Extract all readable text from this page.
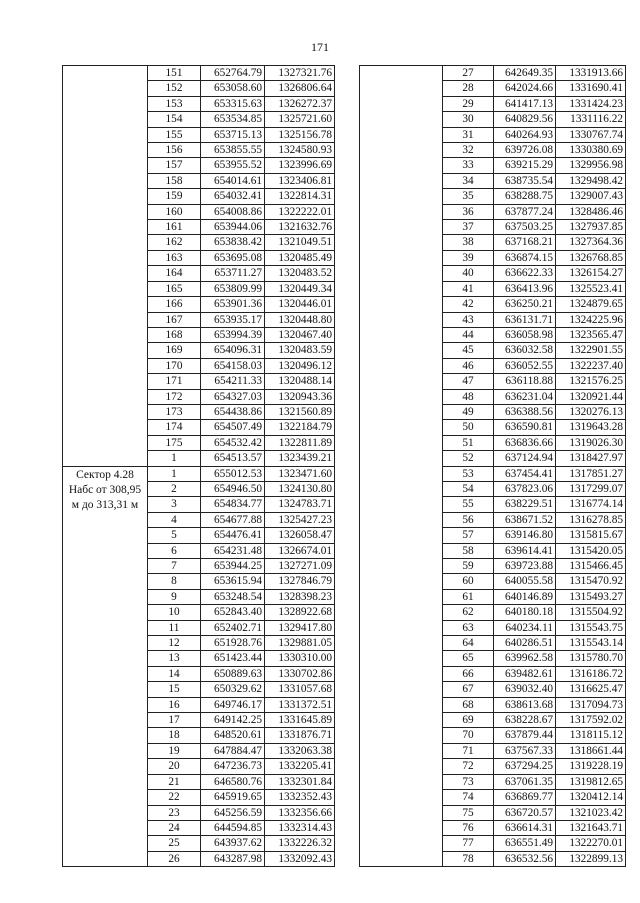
171
	151	652764.79	1327321.76
	152	653058.60	1326806.64
	153	653315.63	1326272.37
	154	653534.85	1325721.60
	155	653715.13	1325156.78
	156	653855.55	1324580.93
	157	653955.52	1323996.69
	158	654014.61	1323406.81
	159	654032.41	1322814.31
	160	654008.86	1322222.01
	161	653944.06	1321632.76
	162	653838.42	1321049.51
	163	653695.08	1320485.49
	164	653711.27	1320483.52
	165	653809.99	1320449.34
	166	653901.36	1320446.01
	167	653935.17	1320448.80
	168	653994.39	1320467.40
	169	654096.31	1320483.59
	170	654158.03	1320496.12
	171	654211.33	1320488.14
	172	654327.03	1320943.36
	173	654438.86	1321560.89
	174	654507.49	1322184.79
	175	654532.42	1322811.89
	1	654513.57	1323439.21
Сектор 4.28 Набс от 308,95 м до 313,31 м	1	655012.53	1323471.60
	2	654946.50	1324130.80
	3	654834.77	1324783.71
	4	654677.88	1325427.23
	5	654476.41	1326058.47
	6	654231.48	1326674.01
	7	653944.25	1327271.09
	8	653615.94	1327846.79
	9	653248.54	1328398.23
	10	652843.40	1328922.68
	11	652402.71	1329417.80
	12	651928.76	1329881.05
	13	651423.44	1330310.00
	14	650889.63	1330702.86
	15	650329.62	1331057.68
	16	649746.17	1331372.51
	17	649142.25	1331645.89
	18	648520.61	1331876.71
	19	647884.47	1332063.38
	20	647236.73	1332205.41
	21	646580.76	1332301.84
	22	645919.65	1332352.43
	23	645256.59	1332356.66
	24	644594.85	1332314.43
	25	643937.62	1332226.32
	26	643287.98	1332092.43
	27	642649.35	1331913.66
	28	642024.66	1331690.41
	29	641417.13	1331424.23
	30	640829.56	1331116.22
	31	640264.93	1330767.74
	32	639726.08	1330380.69
	33	639215.29	1329956.98
	34	638735.54	1329498.42
	35	638288.75	1329007.43
	36	637877.24	1328486.46
	37	637503.25	1327937.85
	38	637168.21	1327364.36
	39	636874.15	1326768.85
	40	636622.33	1326154.27
	41	636413.96	1325523.41
	42	636250.21	1324879.65
	43	636131.71	1324225.96
	44	636058.98	1323565.47
	45	636032.58	1322901.55
	46	636052.55	1322237.40
	47	636118.88	1321576.25
	48	636231.04	1320921.44
	49	636388.56	1320276.13
	50	636590.81	1319643.28
	51	636836.66	1319026.30
	52	637124.94	1318427.97
	53	637454.41	1317851.27
	54	637823.06	1317299.07
	55	638229.51	1316774.14
	56	638671.52	1316278.85
	57	639146.80	1315815.67
	58	639614.41	1315420.05
	59	639723.88	1315466.45
	60	640055.58	1315470.92
	61	640146.89	1315493.27
	62	640180.18	1315504.92
	63	640234.11	1315543.75
	64	640286.51	1315543.14
	65	639962.58	1315780.70
	66	639482.61	1316186.72
	67	639032.40	1316625.47
	68	638613.68	1317094.73
	69	638228.67	1317592.02
	70	637879.44	1318115.12
	71	637567.33	1318661.44
	72	637294.25	1319228.19
	73	637061.35	1319812.65
	74	636869.77	1320412.14
	75	636720.57	1321023.42
	76	636614.31	1321643.71
	77	636551.49	1322270.01
	78	636532.56	1322899.13
